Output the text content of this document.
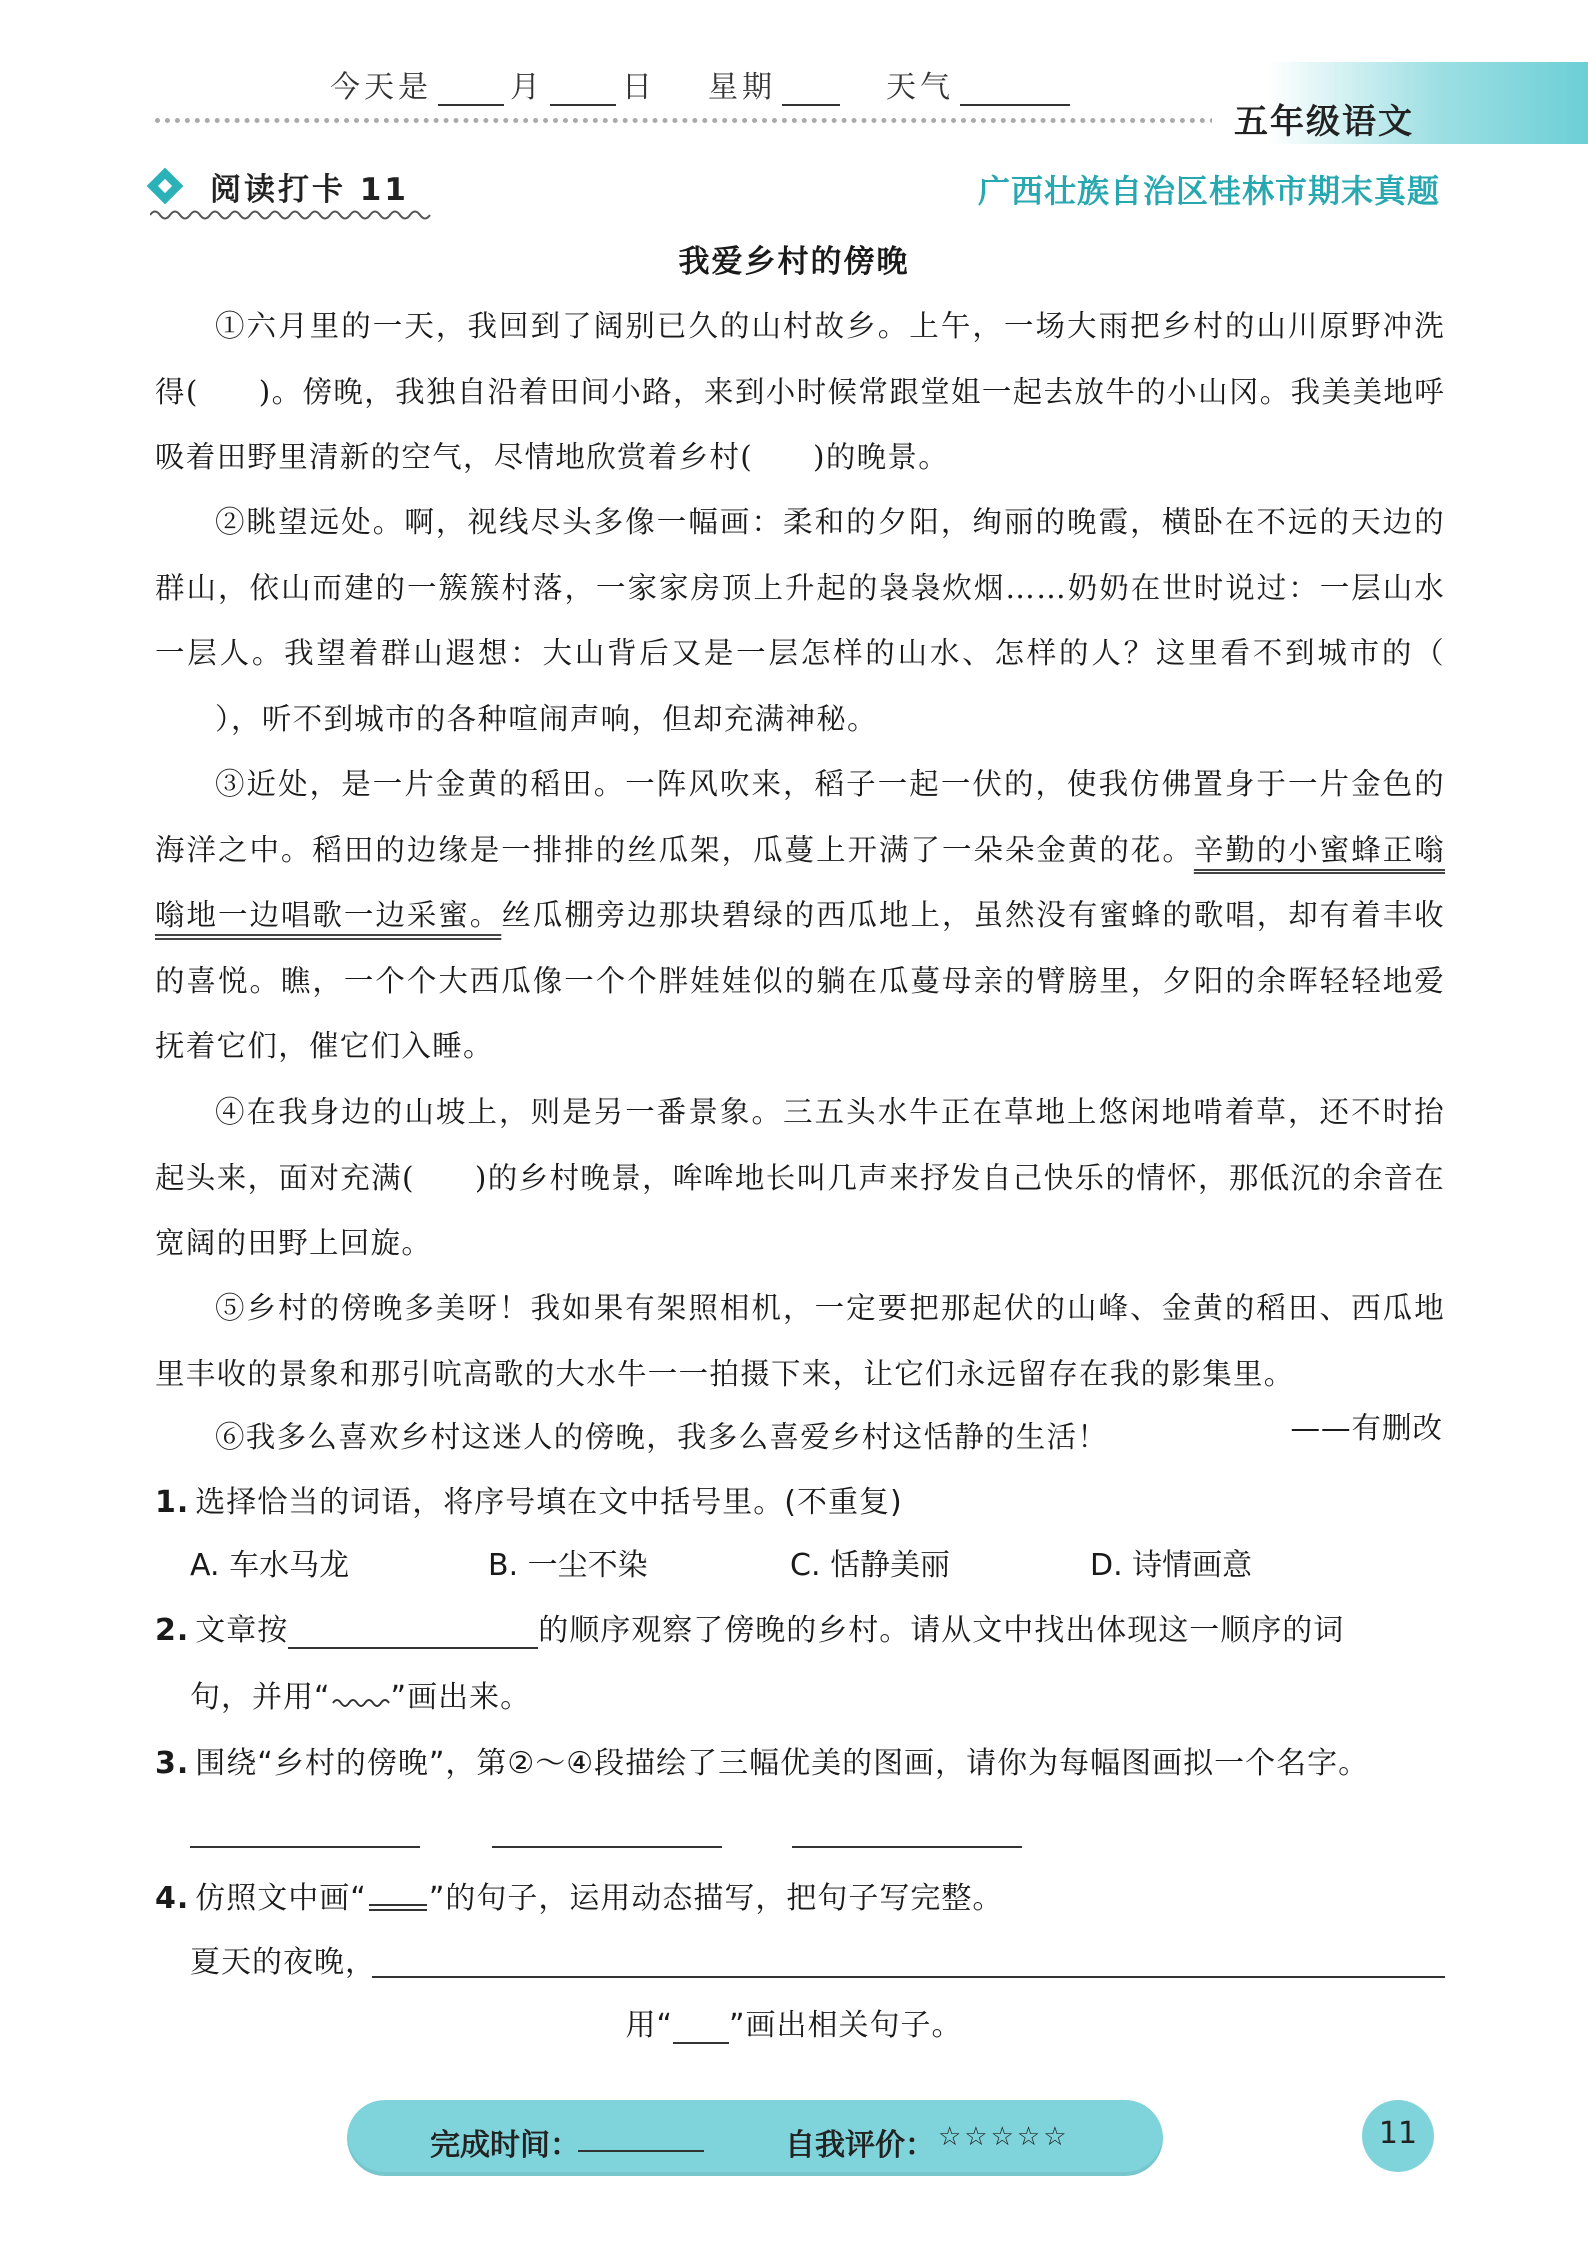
今天是	月	日 星期	天气
五年级语文
阅读打卡 11	广西壮族自治区桂林市期末真题
我爱乡村的傍晚

①六月里的一天，我回到了阔别已久的山村故乡。上午，一场大雨把乡村的山川原野冲洗得( )。傍晚，我独自沿着田间小路，来到小时候常跟堂姐一起去放牛的小山冈。我美美地呼吸着田野里清新的空气，尽情地欣赏着乡村( )的晚景。

②眺望远处。啊，视线尽头多像一幅画：柔和的夕阳，绚丽的晚霞，横卧在不远的天边的群山，依山而建的一簇簇村落，一家家房顶上升起的袅袅炊烟……奶奶在世时说过：一层山水一层人。我望着群山遐想：大山背后又是一层怎样的山水、怎样的人？这里看不到城市的（），听不到城市的各种喧闹声响，但却充满神秘。

③近处，是一片金黄的稻田。一阵风吹来，稻子一起一伏的，使我仿佛置身于一片金色的海洋之中。稻田的边缘是一排排的丝瓜架，瓜蔓上开满了一朵朵金黄的花。辛勤的小蜜蜂正嗡嗡地一边唱歌一边采蜜。丝瓜棚旁边那块碧绿的西瓜地上，虽然没有蜜蜂的歌唱，却有着丰收的喜悦。瞧，一个个大西瓜像一个个胖娃娃似的躺在瓜蔓母亲的臂膀里，夕阳的余晖轻轻地爱抚着它们，催它们入睡。

④在我身边的山坡上，则是另一番景象。三五头水牛正在草地上悠闲地啃着草，还不时抬起头来，面对充满( )的乡村晚景，哞哞地长叫几声来抒发自己快乐的情怀，那低沉的余音在宽阔的田野上回旋。

⑤乡村的傍晚多美呀！我如果有架照相机，一定要把那起伏的山峰、金黄的稻田、西瓜地里丰收的景象和那引吭高歌的大水牛一一拍摄下来，让它们永远留存在我的影集里。

⑥我多么喜欢乡村这迷人的傍晚，我多么喜爱乡村这恬静的生活！	——有删改
1. 选择恰当的词语，将序号填在文中括号里。(不重复)
A. 车水马龙	B. 一尘不染	C. 恬静美丽	D. 诗情画意
2. 文章按	的顺序观察了傍晚的乡村。请从文中找出体现这一顺序的词
句，并用“ ”画出来。
3. 围绕“乡村的傍晚”，第②～④段描绘了三幅优美的图画，请你为每幅图画拟一个名字。
4. 仿照文中画“ ”的句子，运用动态描写，把句子写完整。
夏天的夜晚，
用“ ”画出相关句子。
完成时间：	自我评价： ☆☆☆☆☆	11
